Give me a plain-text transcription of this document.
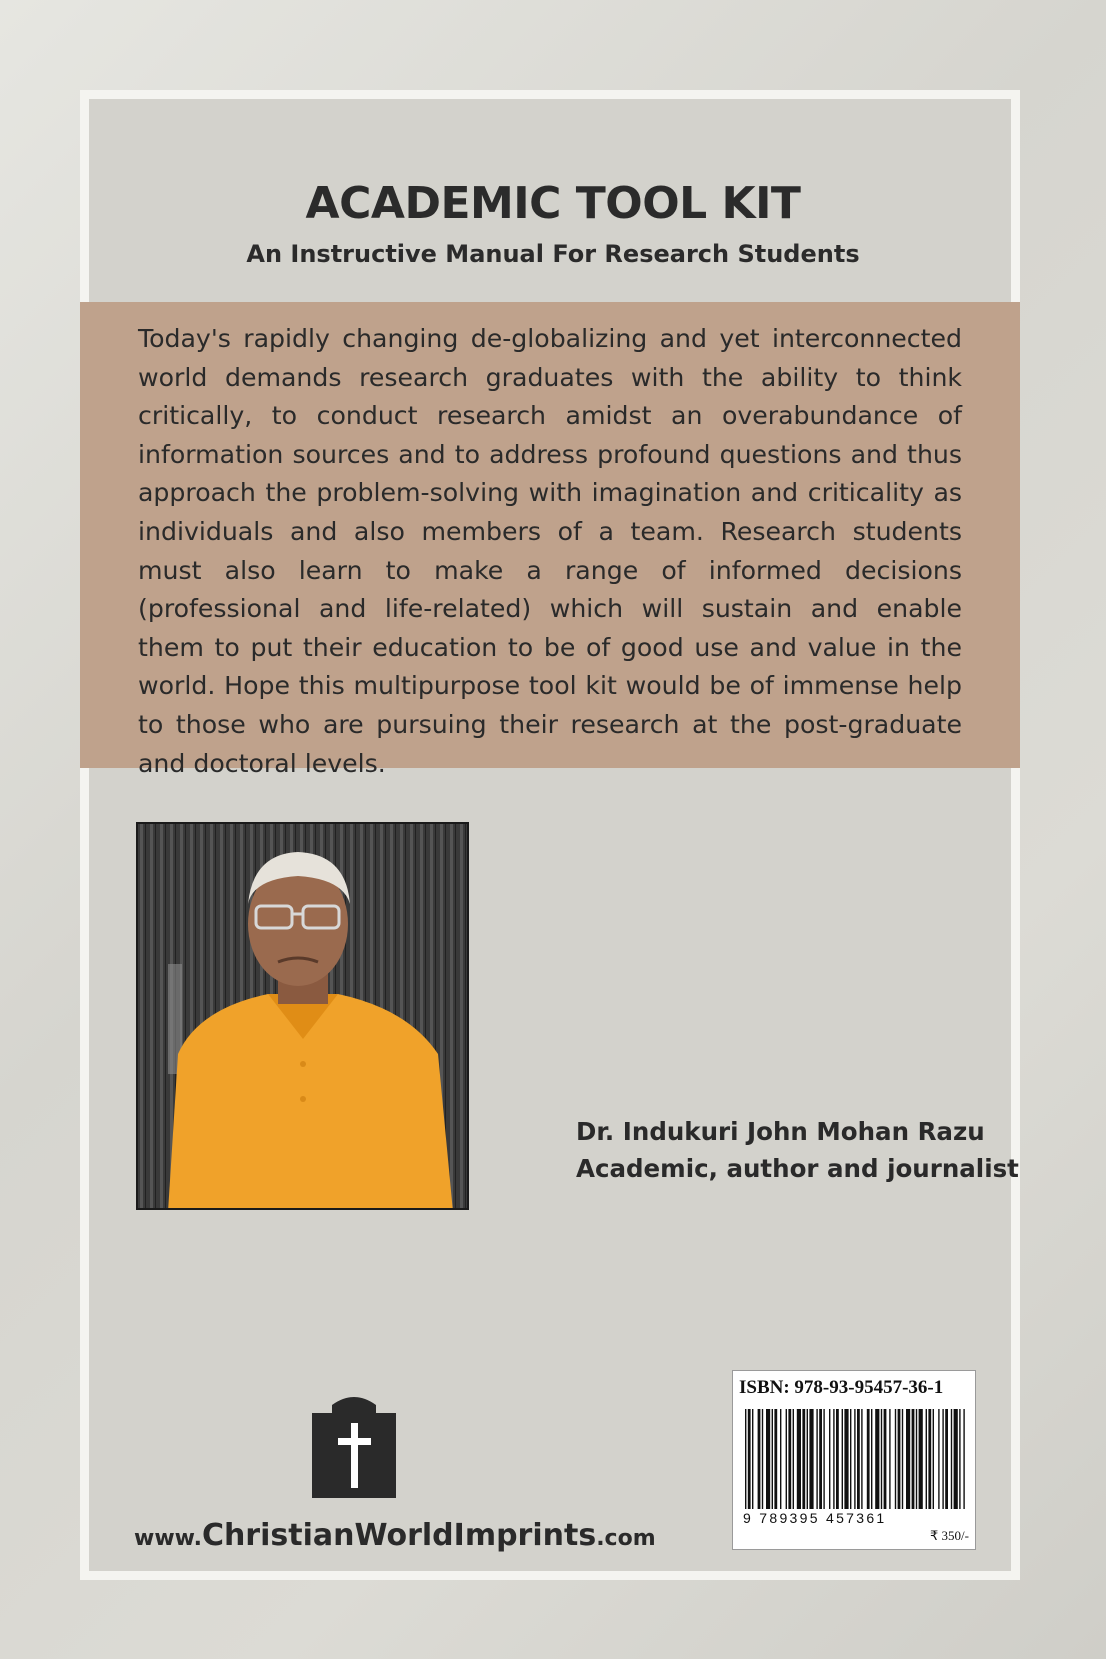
ACADEMIC TOOL KIT
An Instructive Manual For Research Students
Today's rapidly changing de-globalizing and yet interconnected world demands research graduates with the ability to think critically, to conduct research amidst an overabundance of information sources and to address profound questions and thus approach the problem-solving with imagination and criticality as individuals and also members of a team. Research students must also learn to make a range of informed decisions (professional and life-related) which will sustain and enable them to put their education to be of good use and value in the world. Hope this multipurpose tool kit would be of immense help to those who are pursuing their research at the post-graduate and doctoral levels.
Dr. Indukuri John Mohan Razu
Academic, author and journalist
www.ChristianWorldImprints.com
ISBN: 978-93-95457-36-1
9 789395 457361
₹ 350/-
